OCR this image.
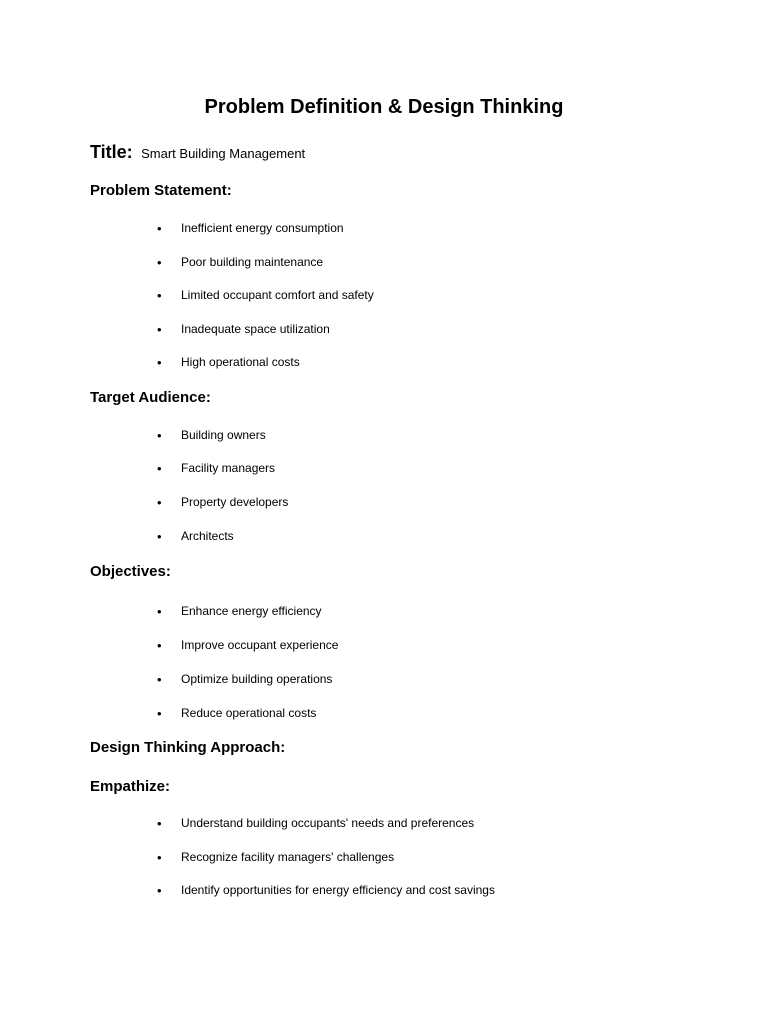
Problem Definition & Design Thinking
Title: Smart Building Management
Problem Statement:
• Inefficient energy consumption
• Poor building maintenance
• Limited occupant comfort and safety
• Inadequate space utilization
• High operational costs
Target Audience:
• Building owners
• Facility managers
• Property developers
• Architects
Objectives:
• Enhance energy efficiency
• Improve occupant experience
• Optimize building operations
• Reduce operational costs
Design Thinking Approach:
Empathize:
• Understand building occupants' needs and preferences
• Recognize facility managers' challenges
• Identify opportunities for energy efficiency and cost savings
